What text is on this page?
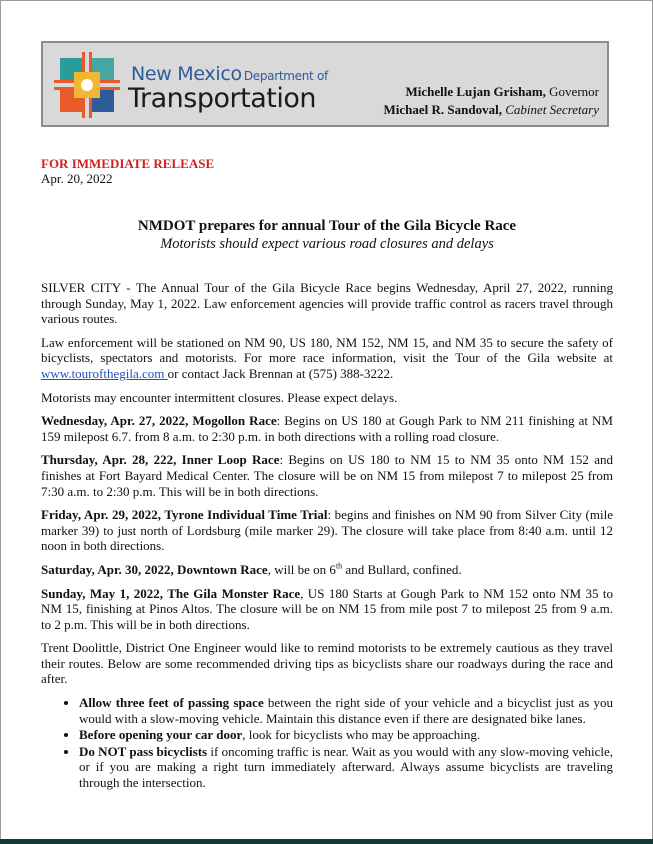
New Mexico Department of
Transportation	Michelle Lujan Grisham, Governor
Michael R. Sandoval, Cabinet Secretary
FOR IMMEDIATE RELEASE
Apr. 20, 2022
NMDOT prepares for annual Tour of the Gila Bicycle Race
Motorists should expect various road closures and delays

SILVER CITY - The Annual Tour of the Gila Bicycle Race begins Wednesday, April 27, 2022, running through Sunday, May 1, 2022. Law enforcement agencies will provide traffic control as racers travel through various routes.

Law enforcement will be stationed on NM 90, US 180, NM 152, NM 15, and NM 35 to secure the safety of bicyclists, spectators and motorists. For more race information, visit the Tour of the Gila website at www.tourofthegila.com or contact Jack Brennan at (575) 388-3222.

Motorists may encounter intermittent closures. Please expect delays.

Wednesday, Apr. 27, 2022, Mogollon Race: Begins on US 180 at Gough Park to NM 211 finishing at NM 159 milepost 6.7. from 8 a.m. to 2:30 p.m. in both directions with a rolling road closure.

Thursday, Apr. 28, 222, Inner Loop Race: Begins on US 180 to NM 15 to NM 35 onto NM 152 and finishes at Fort Bayard Medical Center. The closure will be on NM 15 from milepost 7 to milepost 25 from 7:30 a.m. to 2:30 p.m. This will be in both directions.

Friday, Apr. 29, 2022, Tyrone Individual Time Trial: begins and finishes on NM 90 from Silver City (mile marker 39) to just north of Lordsburg (mile marker 29). The closure will take place from 8:40 a.m. until 12 noon in both directions.

Saturday, Apr. 30, 2022, Downtown Race, will be on 6th and Bullard, confined.

Sunday, May 1, 2022, The Gila Monster Race, US 180 Starts at Gough Park to NM 152 onto NM 35 to NM 15, finishing at Pinos Altos. The closure will be on NM 15 from mile post 7 to milepost 25 from 9 a.m. to 2 p.m. This will be in both directions.

Trent Doolittle, District One Engineer would like to remind motorists to be extremely cautious as they travel their routes. Below are some recommended driving tips as bicyclists share our roadways during the race and after.

• Allow three feet of passing space between the right side of your vehicle and a bicyclist just as you would with a slow-moving vehicle. Maintain this distance even if there are designated bike lanes.
• Before opening your car door, look for bicyclists who may be approaching.
• Do NOT pass bicyclists if oncoming traffic is near. Wait as you would with any slow-moving vehicle, or if you are making a right turn immediately afterward. Always assume bicyclists are traveling through the intersection.
